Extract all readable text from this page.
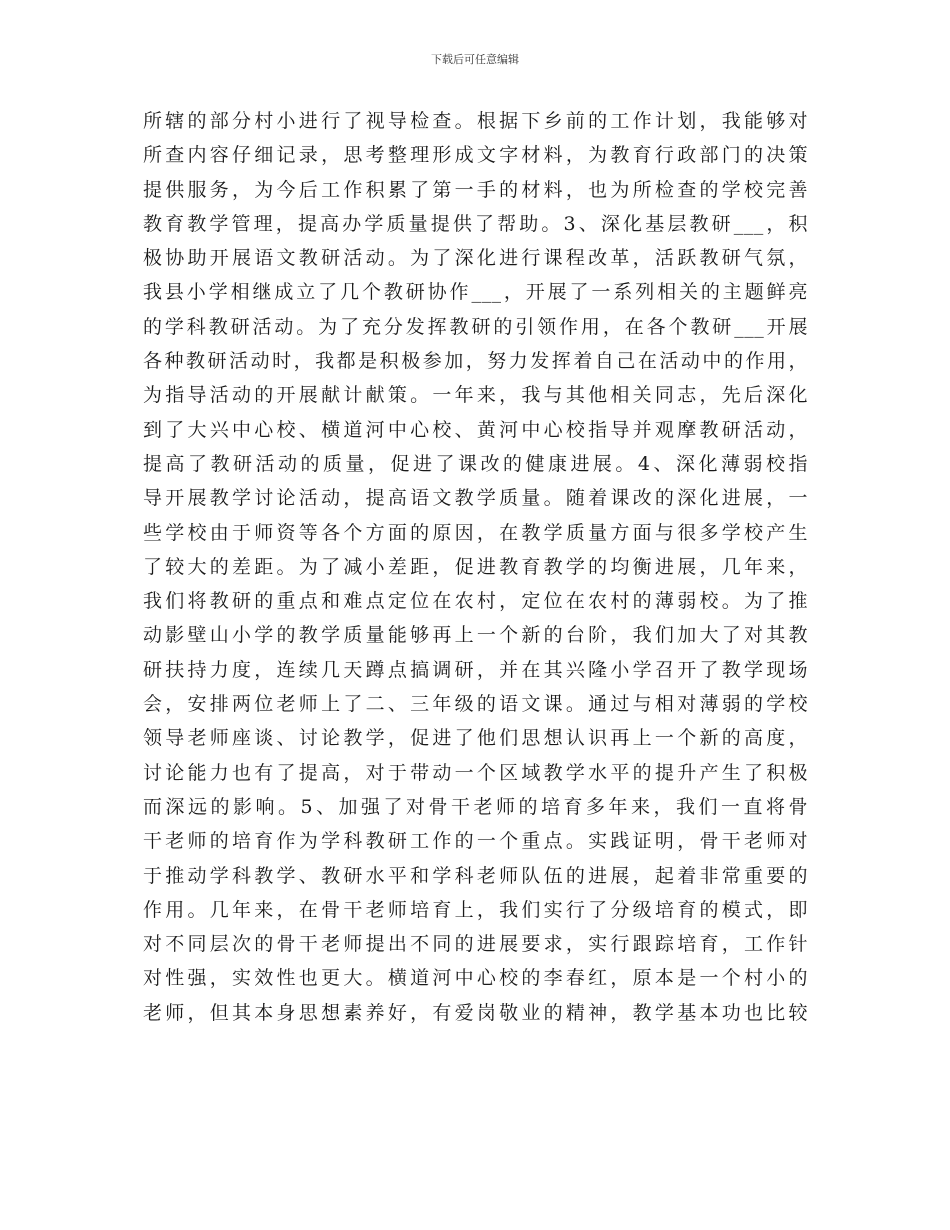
下载后可任意编辑
所辖的部分村小进行了视导检查。根据下乡前的工作计划，我能够对
所查内容仔细记录，思考整理形成文字材料，为教育行政部门的决策
提供服务，为今后工作积累了第一手的材料，也为所检查的学校完善
教育教学管理，提高办学质量提供了帮助。3、深化基层教研___，积
极协助开展语文教研活动。为了深化进行课程改革，活跃教研气氛，
我县小学相继成立了几个教研协作___，开展了一系列相关的主题鲜亮
的学科教研活动。为了充分发挥教研的引领作用，在各个教研___开展
各种教研活动时，我都是积极参加，努力发挥着自己在活动中的作用，
为指导活动的开展献计献策。一年来，我与其他相关同志，先后深化
到了大兴中心校、横道河中心校、黄河中心校指导并观摩教研活动，
提高了教研活动的质量，促进了课改的健康进展。4、深化薄弱校指
导开展教学讨论活动，提高语文教学质量。随着课改的深化进展，一
些学校由于师资等各个方面的原因，在教学质量方面与很多学校产生
了较大的差距。为了减小差距，促进教育教学的均衡进展，几年来，
我们将教研的重点和难点定位在农村，定位在农村的薄弱校。为了推
动影壁山小学的教学质量能够再上一个新的台阶，我们加大了对其教
研扶持力度，连续几天蹲点搞调研，并在其兴隆小学召开了教学现场
会，安排两位老师上了二、三年级的语文课。通过与相对薄弱的学校
领导老师座谈、讨论教学，促进了他们思想认识再上一个新的高度，
讨论能力也有了提高，对于带动一个区域教学水平的提升产生了积极
而深远的影响。5、加强了对骨干老师的培育多年来，我们一直将骨
干老师的培育作为学科教研工作的一个重点。实践证明，骨干老师对
于推动学科教学、教研水平和学科老师队伍的进展，起着非常重要的
作用。几年来，在骨干老师培育上，我们实行了分级培育的模式，即
对不同层次的骨干老师提出不同的进展要求，实行跟踪培育，工作针
对性强，实效性也更大。横道河中心校的李春红，原本是一个村小的
老师，但其本身思想素养好，有爱岗敬业的精神，教学基本功也比较
